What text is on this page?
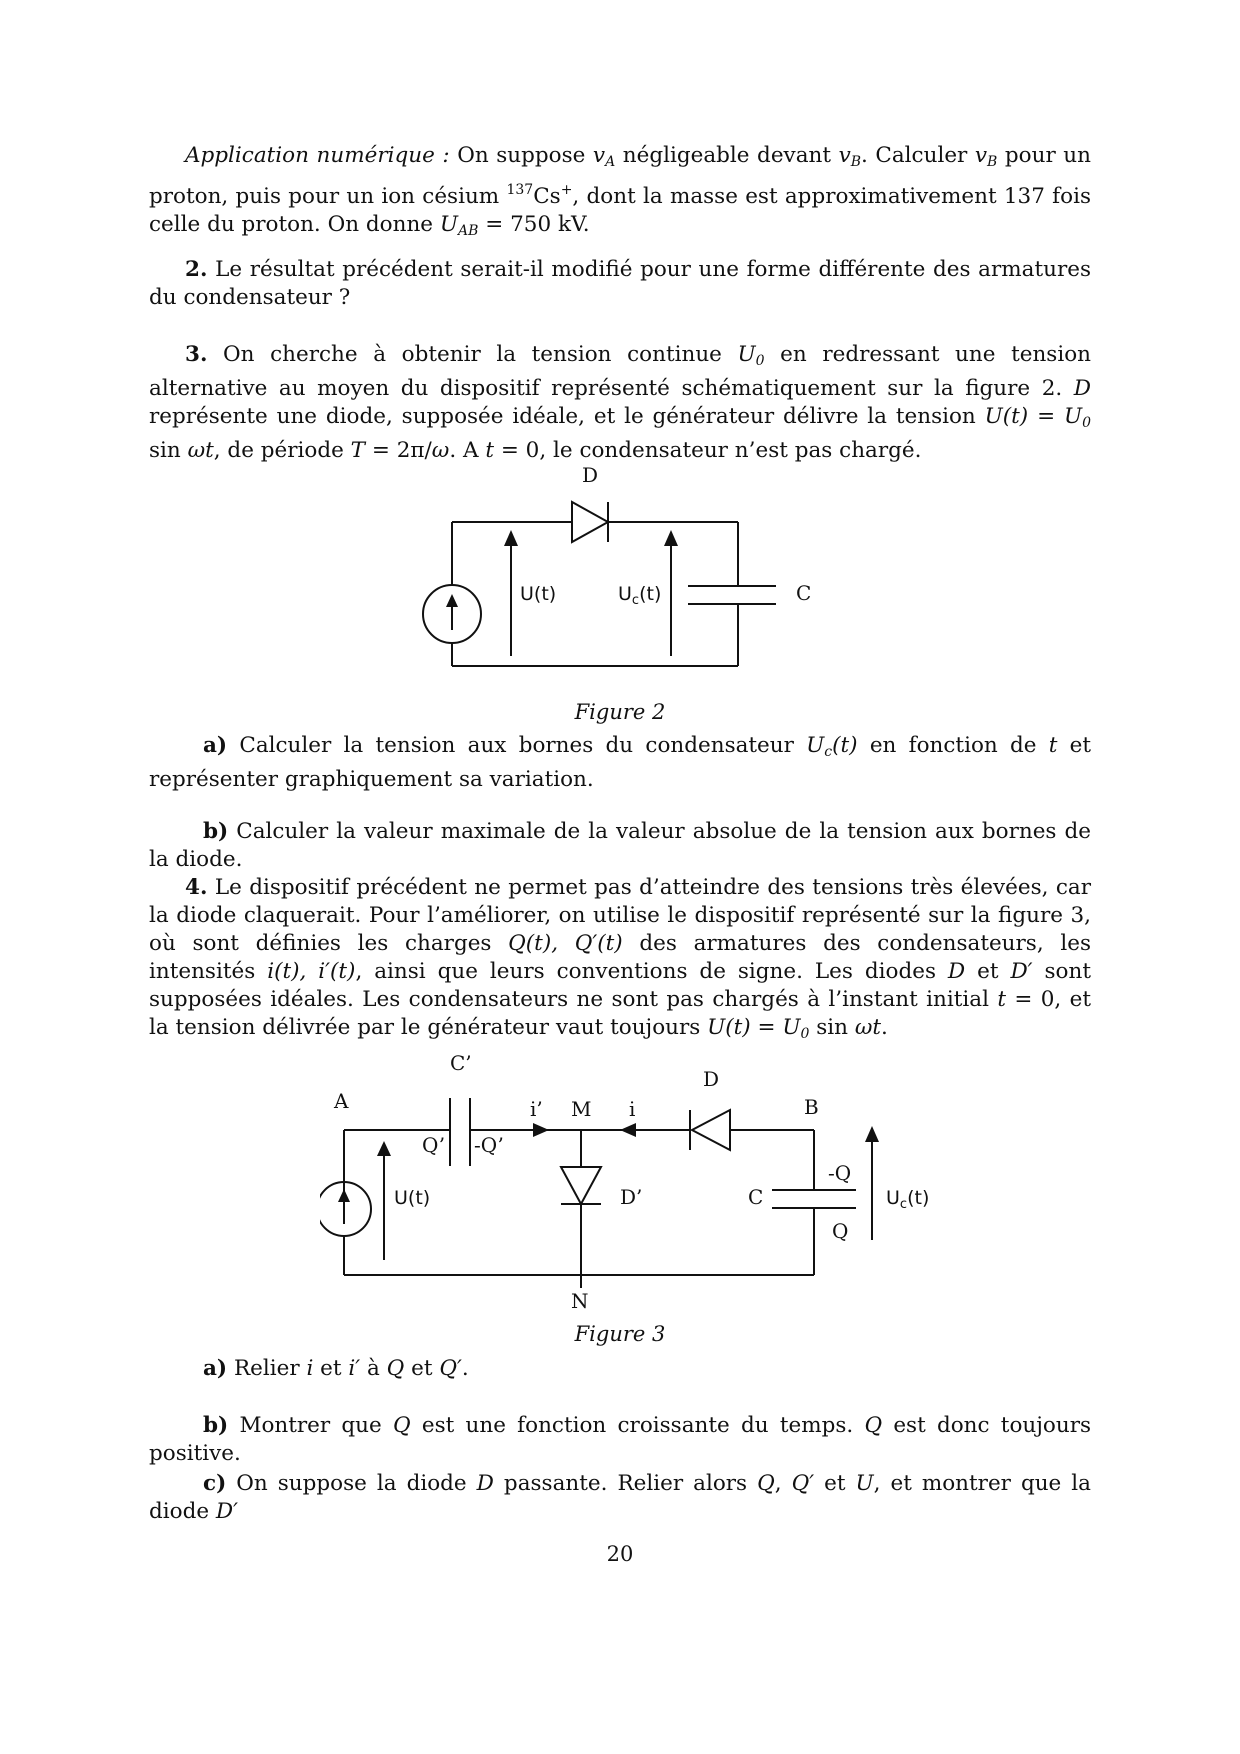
Application numérique : On suppose $v_A$ négligeable devant $v_B$. Calculer $v_B$ pour un proton, puis pour un ion césium $^{137}$Cs+, dont la masse est approximativement 137 fois celle du proton. On donne $U_{AB} = 750$ kV.
2. Le résultat précédent serait-il modifié pour une forme différente des armatures du condensateur ?
3. On cherche à obtenir la tension continue $U_0$ en redressant une tension alternative au moyen du dispositif représenté schématiquement sur la figure 2. D représente une diode, supposée idéale, et le générateur délivre la tension $U(t) = U_0$ sin ωt, de période T = 2π/ω. A t = 0, le condensateur n’est pas chargé.
D
U(t)	$U_c(t)$	C
Figure 2
a) Calculer la tension aux bornes du condensateur $U_c(t)$ en fonction de t et représenter graphiquement sa variation.
b) Calculer la valeur maximale de la valeur absolue de la tension aux bornes de la diode.
4. Le dispositif précédent ne permet pas d’atteindre des tensions très élevées, car la diode claquerait. Pour l’améliorer, on utilise le dispositif représenté sur la figure 3, où sont définies les charges Q(t), Q′(t) des armatures des condensateurs, les intensités i(t), i′(t), ainsi que leurs conventions de signe. Les diodes D et D′ sont supposées idéales. Les condensateurs ne sont pas chargés à l’instant initial t = 0, et la tension délivrée par le générateur vaut toujours $U(t) = U_0$ sin ωt.
A
C’
i’ M i
D
B
Q’ -Q’
-Q
U(t)	D’	C	$U_c(t)$
Q
N
Figure 3
a) Relier i et i′ à Q et Q′.
b) Montrer que Q est une fonction croissante du temps. Q est donc toujours positive.
c) On suppose la diode D passante. Relier alors Q, Q′ et U, et montrer que la diode D′
20
